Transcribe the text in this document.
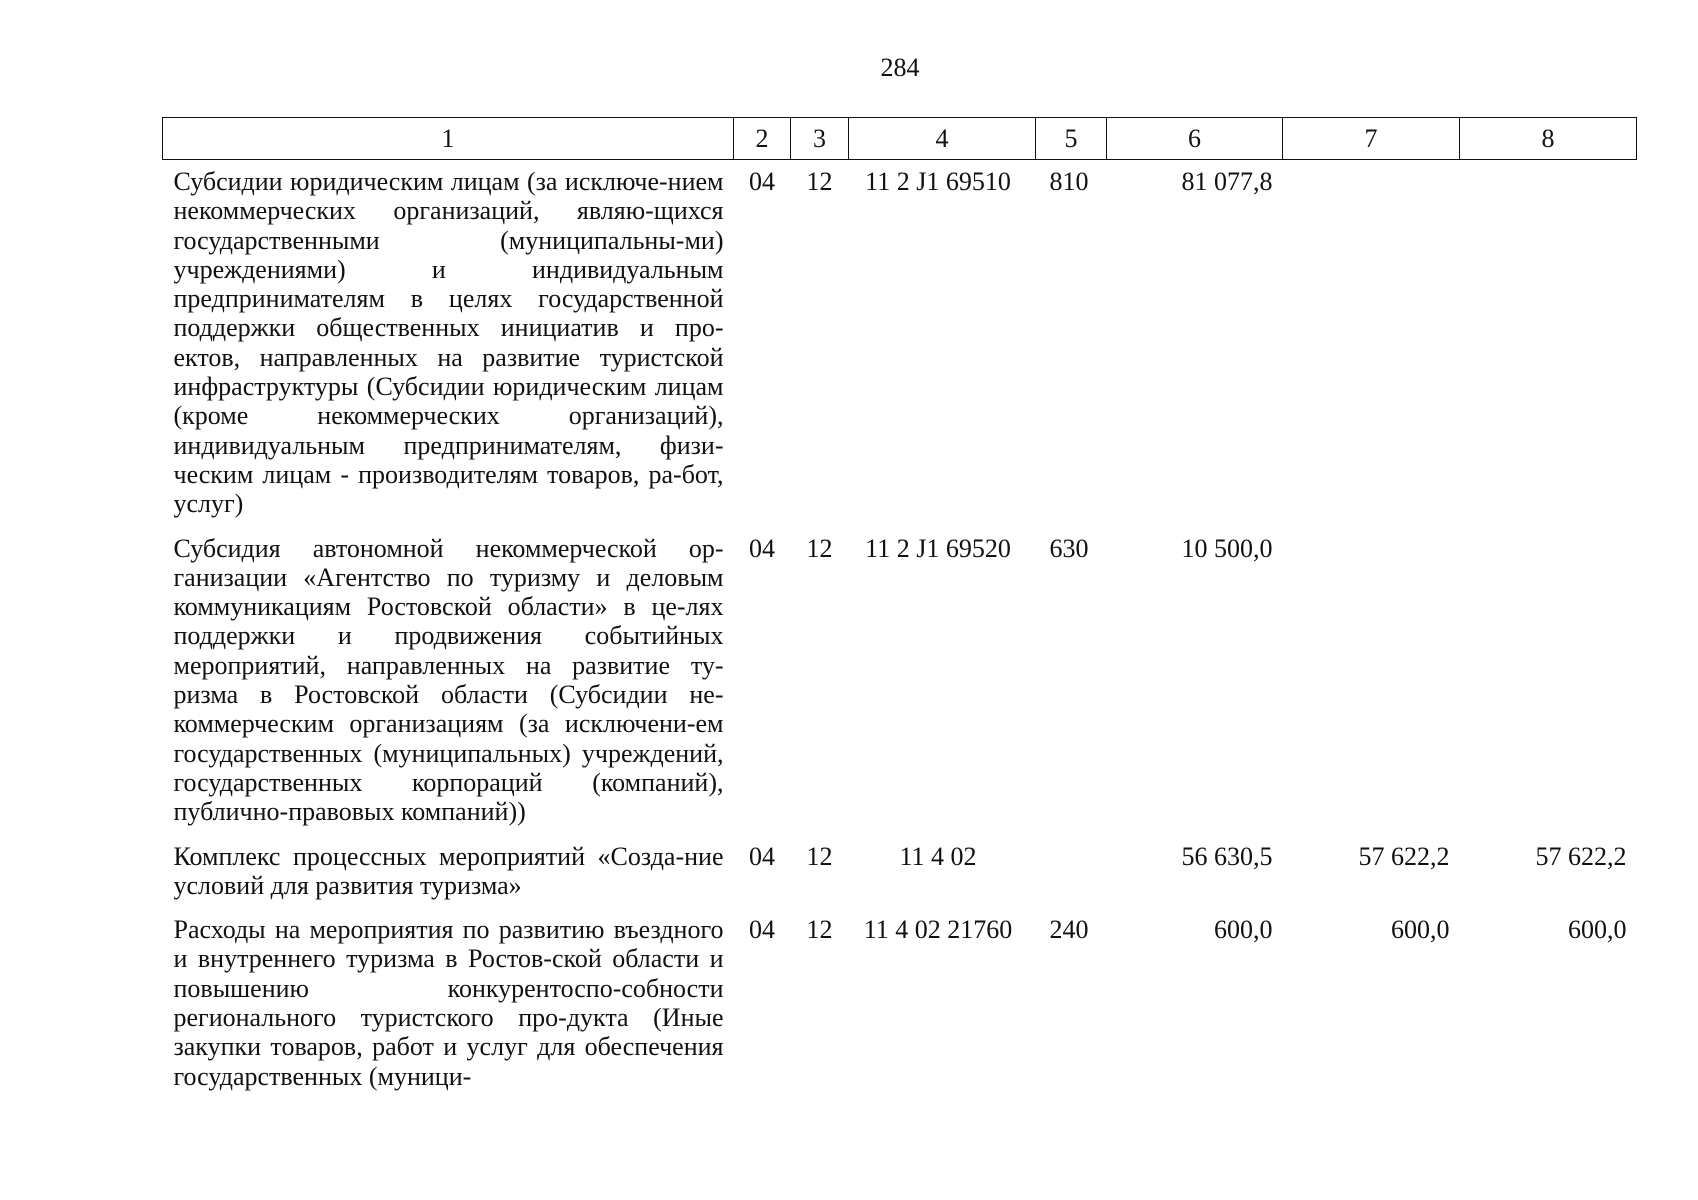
284
1	2	3	4	5	6	7	8
Субсидии юридическим лицам (за исключе-нием некоммерческих организаций, являю-щихся государственными (муниципальны-ми) учреждениями) и индивидуальным предпринимателям в целях государственной поддержки общественных инициатив и про-ектов, направленных на развитие туристской инфраструктуры (Субсидии юридическим лицам (кроме некоммерческих организаций), индивидуальным предпринимателям, физи-ческим лицам - производителям товаров, ра-бот, услуг)	04	12	11 2 J1 69510	810	81 077,8		
Субсидия автономной некоммерческой ор-ганизации «Агентство по туризму и деловым коммуникациям Ростовской области» в це-лях поддержки и продвижения событийных мероприятий, направленных на развитие ту-ризма в Ростовской области (Субсидии не-коммерческим организациям (за исключени-ем государственных (муниципальных) учреждений, государственных корпораций (компаний), публично-правовых компаний))	04	12	11 2 J1 69520	630	10 500,0		
Комплекс процессных мероприятий «Созда-ние условий для развития туризма»	04	12	11 4 02		56 630,5	57 622,2	57 622,2
Расходы на мероприятия по развитию въездного и внутреннего туризма в Ростов-ской области и повышению конкурентоспо-собности регионального туристского про-дукта (Иные закупки товаров, работ и услуг для обеспечения государственных (муници-	04	12	11 4 02 21760	240	600,0	600,0	600,0
